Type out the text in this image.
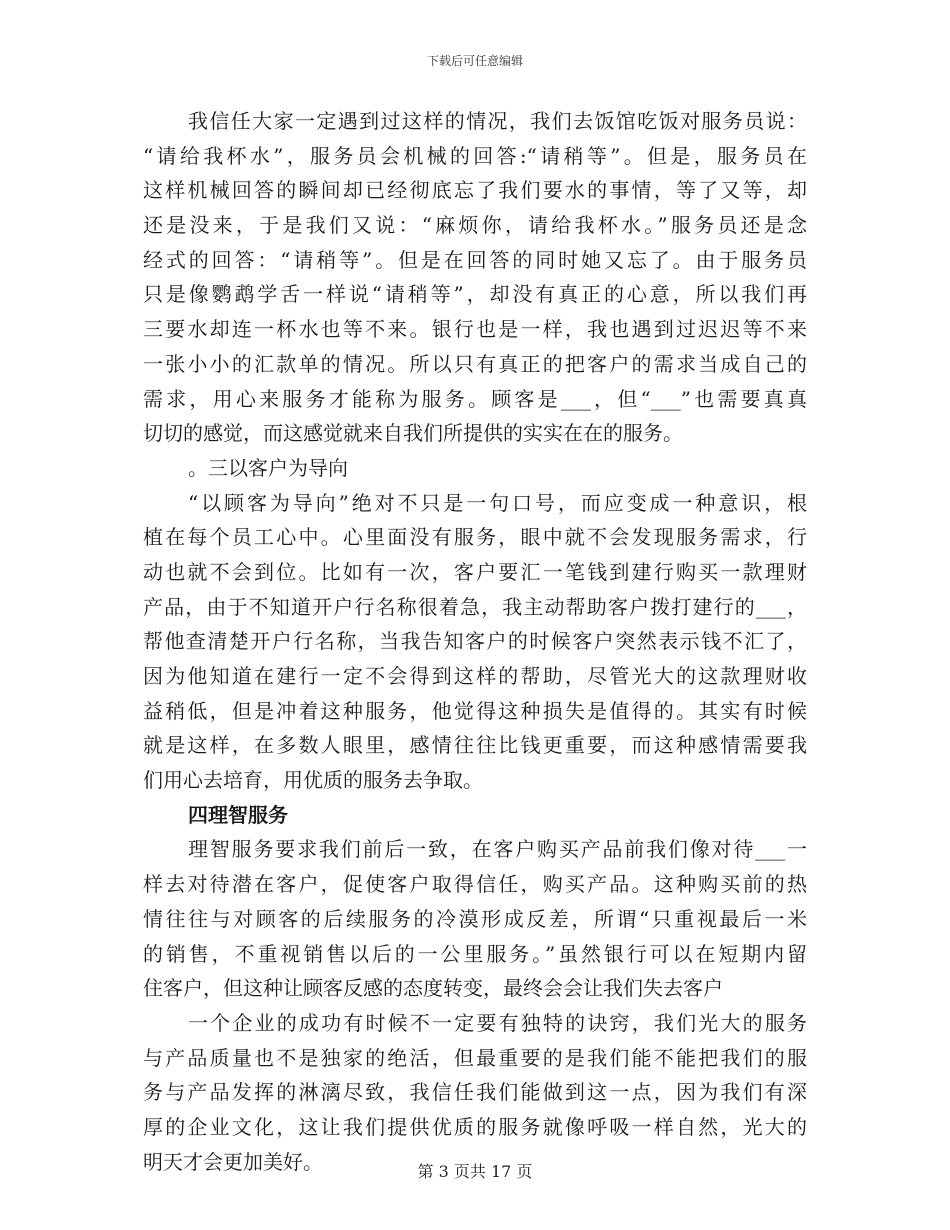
下载后可任意编辑
我信任大家一定遇到过这样的情况，我们去饭馆吃饭对服务员说：
“请给我杯水”，服务员会机械的回答:“请稍等”。但是，服务员在
这样机械回答的瞬间却已经彻底忘了我们要水的事情，等了又等，却
还是没来，于是我们又说：“麻烦你，请给我杯水。”服务员还是念
经式的回答：“请稍等”。但是在回答的同时她又忘了。由于服务员
只是像鹦鹉学舌一样说“请稍等”，却没有真正的心意，所以我们再
三要水却连一杯水也等不来。银行也是一样，我也遇到过迟迟等不来
一张小小的汇款单的情况。所以只有真正的把客户的需求当成自己的
需求，用心来服务才能称为服务。顾客是___，但“___”也需要真真
切切的感觉，而这感觉就来自我们所提供的实实在在的服务。
。三以客户为导向
“以顾客为导向”绝对不只是一句口号，而应变成一种意识，根
植在每个员工心中。心里面没有服务，眼中就不会发现服务需求，行
动也就不会到位。比如有一次，客户要汇一笔钱到建行购买一款理财
产品，由于不知道开户行名称很着急，我主动帮助客户拨打建行的___，
帮他查清楚开户行名称，当我告知客户的时候客户突然表示钱不汇了，
因为他知道在建行一定不会得到这样的帮助，尽管光大的这款理财收
益稍低，但是冲着这种服务，他觉得这种损失是值得的。其实有时候
就是这样，在多数人眼里，感情往往比钱更重要，而这种感情需要我
们用心去培育，用优质的服务去争取。
四理智服务
理智服务要求我们前后一致，在客户购买产品前我们像对待___一
样去对待潜在客户，促使客户取得信任，购买产品。这种购买前的热
情往往与对顾客的后续服务的冷漠形成反差，所谓“只重视最后一米
的销售，不重视销售以后的一公里服务。”虽然银行可以在短期内留
住客户，但这种让顾客反感的态度转变，最终会会让我们失去客户
一个企业的成功有时候不一定要有独特的诀窍，我们光大的服务
与产品质量也不是独家的绝活，但最重要的是我们能不能把我们的服
务与产品发挥的淋漓尽致，我信任我们能做到这一点，因为我们有深
厚的企业文化，这让我们提供优质的服务就像呼吸一样自然，光大的
明天才会更加美好。	第 3 页共 17 页
